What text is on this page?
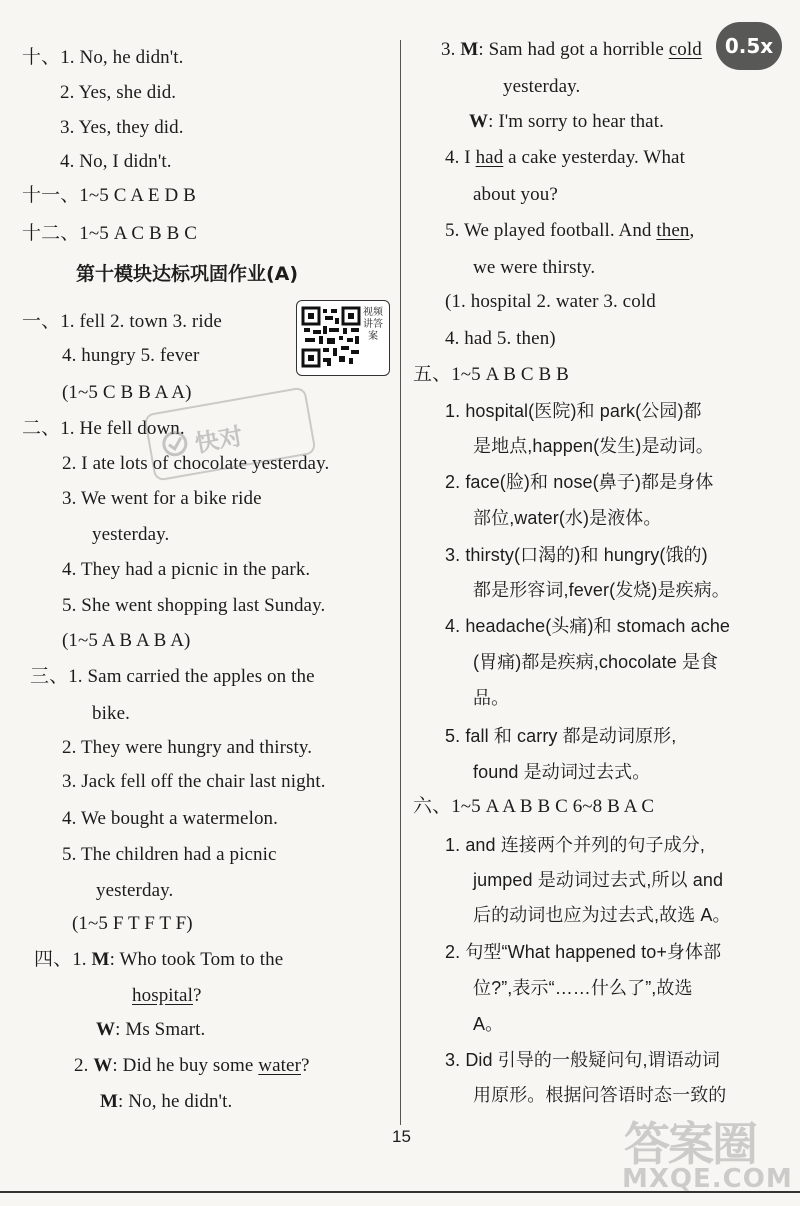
十、1. No, he didn't.
2. Yes, she did.
3. Yes, they did.
4. No, I didn't.
十一、1~5 C A E D B
十二、1~5 A C B B C
第十模块达标巩固作业(A)
一、1. fell 2. town 3. ride
4. hungry 5. fever
(1~5 C B B A A)
二、1. He fell down.
2. I ate lots of chocolate yesterday.
3. We went for a bike ride
yesterday.
4. They had a picnic in the park.
5. She went shopping last Sunday.
(1~5 A B A B A)
三、1. Sam carried the apples on the
bike.
2. They were hungry and thirsty.
3. Jack fell off the chair last night.
4. We bought a watermelon.
5. The children had a picnic
yesterday.
(1~5 F T F T F)
四、1. M: Who took Tom to the
hospital?
W: Ms Smart.
2. W: Did he buy some water?
M: No, he didn't.
视频讲答案
快对
3. M: Sam had got a horrible cold
yesterday.
W: I'm sorry to hear that.
4. I had a cake yesterday. What
about you?
5. We played football. And then,
we were thirsty.
(1. hospital 2. water 3. cold
4. had 5. then)
五、1~5 A B C B B
1. hospital(医院)和 park(公园)都
是地点,happen(发生)是动词。
2. face(脸)和 nose(鼻子)都是身体
部位,water(水)是液体。
3. thirsty(口渴的)和 hungry(饿的)
都是形容词,fever(发烧)是疾病。
4. headache(头痛)和 stomach ache
(胃痛)都是疾病,chocolate 是食
品。
5. fall 和 carry 都是动词原形,
found 是动词过去式。
六、1~5 A A B B C 6~8 B A C
1. and 连接两个并列的句子成分,
jumped 是动词过去式,所以 and
后的动词也应为过去式,故选 A。
2. 句型“What happened to+身体部
位?”,表示“……什么了”,故选
A。
3. Did 引导的一般疑问句,谓语动词
用原形。根据问答语时态一致的
0.5x
15	答案圈
MXQE.COM
